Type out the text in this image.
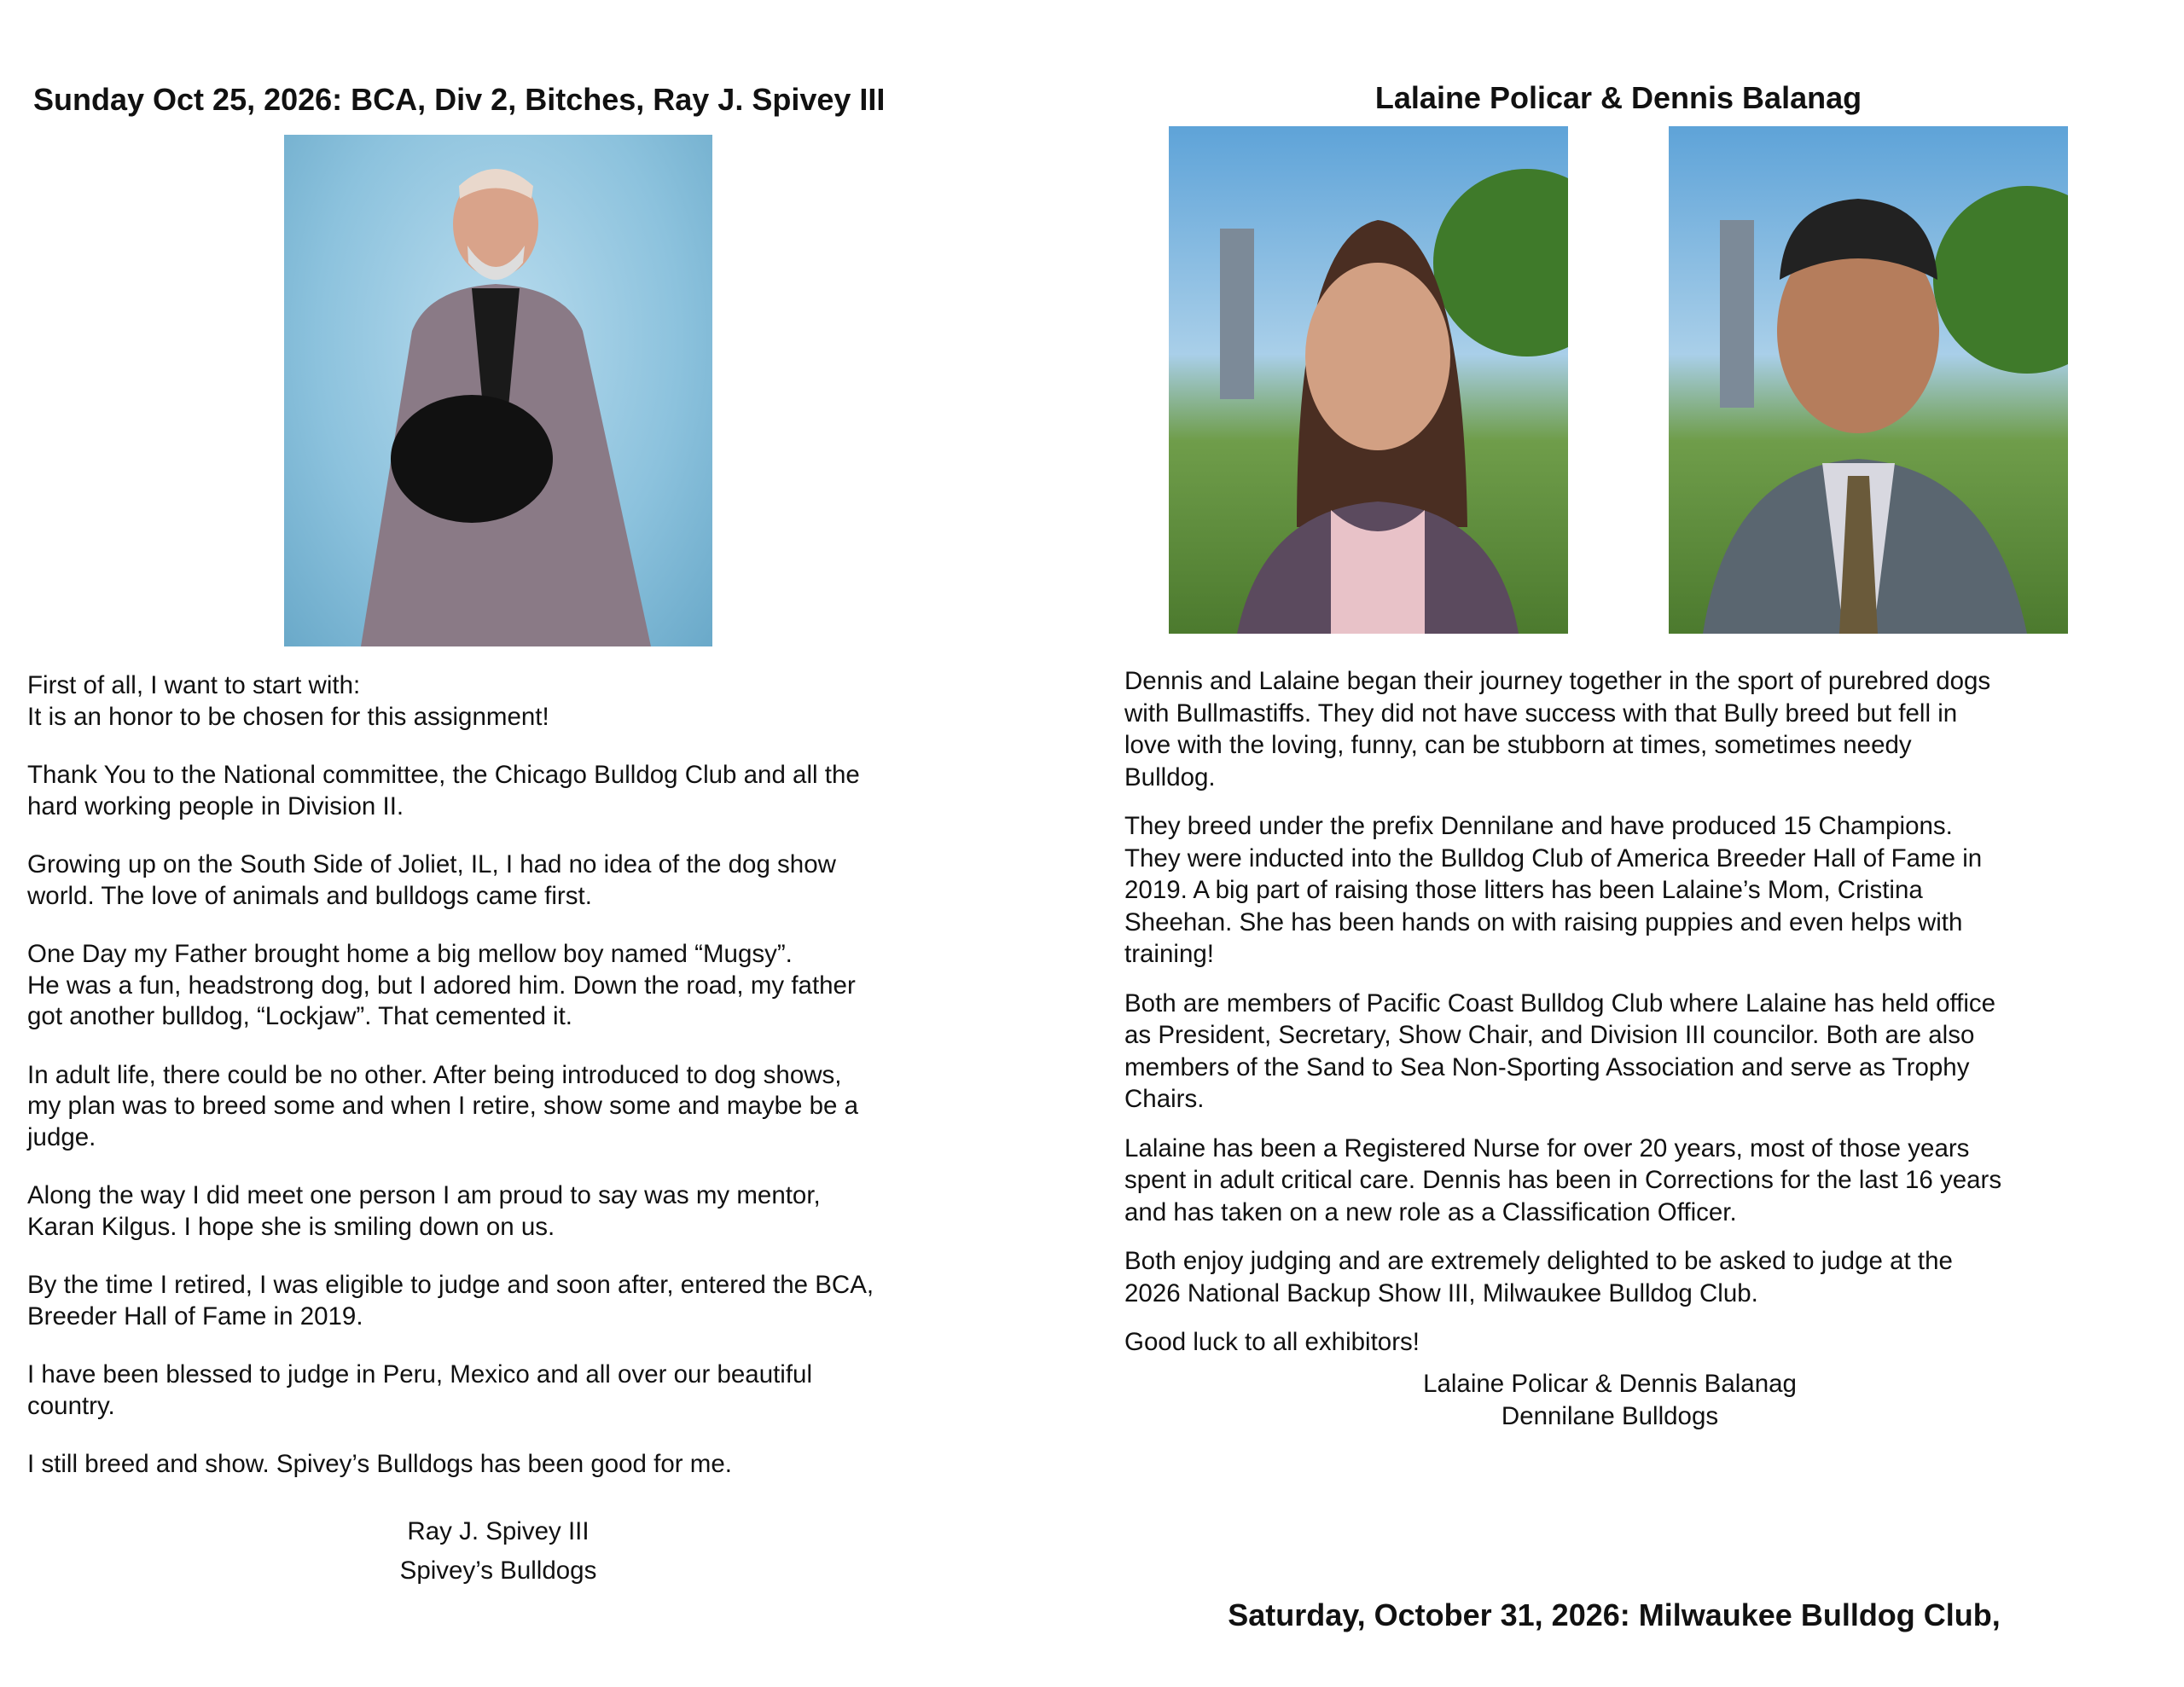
Sunday Oct 25, 2026: BCA, Div 2, Bitches, Ray J. Spivey III

First of all, I want to start with:
It is an honor to be chosen for this assignment!

Thank You to the National committee, the Chicago Bulldog Club and all the
hard working people in Division II.

Growing up on the South Side of Joliet, IL, I had no idea of the dog show
world. The love of animals and bulldogs came first.

One Day my Father brought home a big mellow boy named “Mugsy”.
He was a fun, headstrong dog, but I adored him. Down the road, my father
got another bulldog, “Lockjaw”. That cemented it.

In adult life, there could be no other. After being introduced to dog shows,
my plan was to breed some and when I retire, show some and maybe be a
judge.

Along the way I did meet one person I am proud to say was my mentor,
Karan Kilgus. I hope she is smiling down on us.

By the time I retired, I was eligible to judge and soon after, entered the BCA,
Breeder Hall of Fame in 2019.

I have been blessed to judge in Peru, Mexico and all over our beautiful
country.

I still breed and show. Spivey’s Bulldogs has been good for me.

Ray J. Spivey III
Spivey’s Bulldogs
Lalaine Policar & Dennis Balanag

Dennis and Lalaine began their journey together in the sport of purebred dogs
with Bullmastiffs. They did not have success with that Bully breed but fell in
love with the loving, funny, can be stubborn at times, sometimes needy
Bulldog.

They breed under the prefix Dennilane and have produced 15 Champions.
They were inducted into the Bulldog Club of America Breeder Hall of Fame in
2019. A big part of raising those litters has been Lalaine’s Mom, Cristina
Sheehan. She has been hands on with raising puppies and even helps with
training!

Both are members of Pacific Coast Bulldog Club where Lalaine has held office
as President, Secretary, Show Chair, and Division III councilor. Both are also
members of the Sand to Sea Non-Sporting Association and serve as Trophy
Chairs.

Lalaine has been a Registered Nurse for over 20 years, most of those years
spent in adult critical care. Dennis has been in Corrections for the last 16 years
and has taken on a new role as a Classification Officer.

Both enjoy judging and are extremely delighted to be asked to judge at the
2026 National Backup Show III, Milwaukee Bulldog Club.

Good luck to all exhibitors!

Lalaine Policar & Dennis Balanag
Dennilane Bulldogs
Saturday, October 31, 2026: Milwaukee Bulldog Club,
